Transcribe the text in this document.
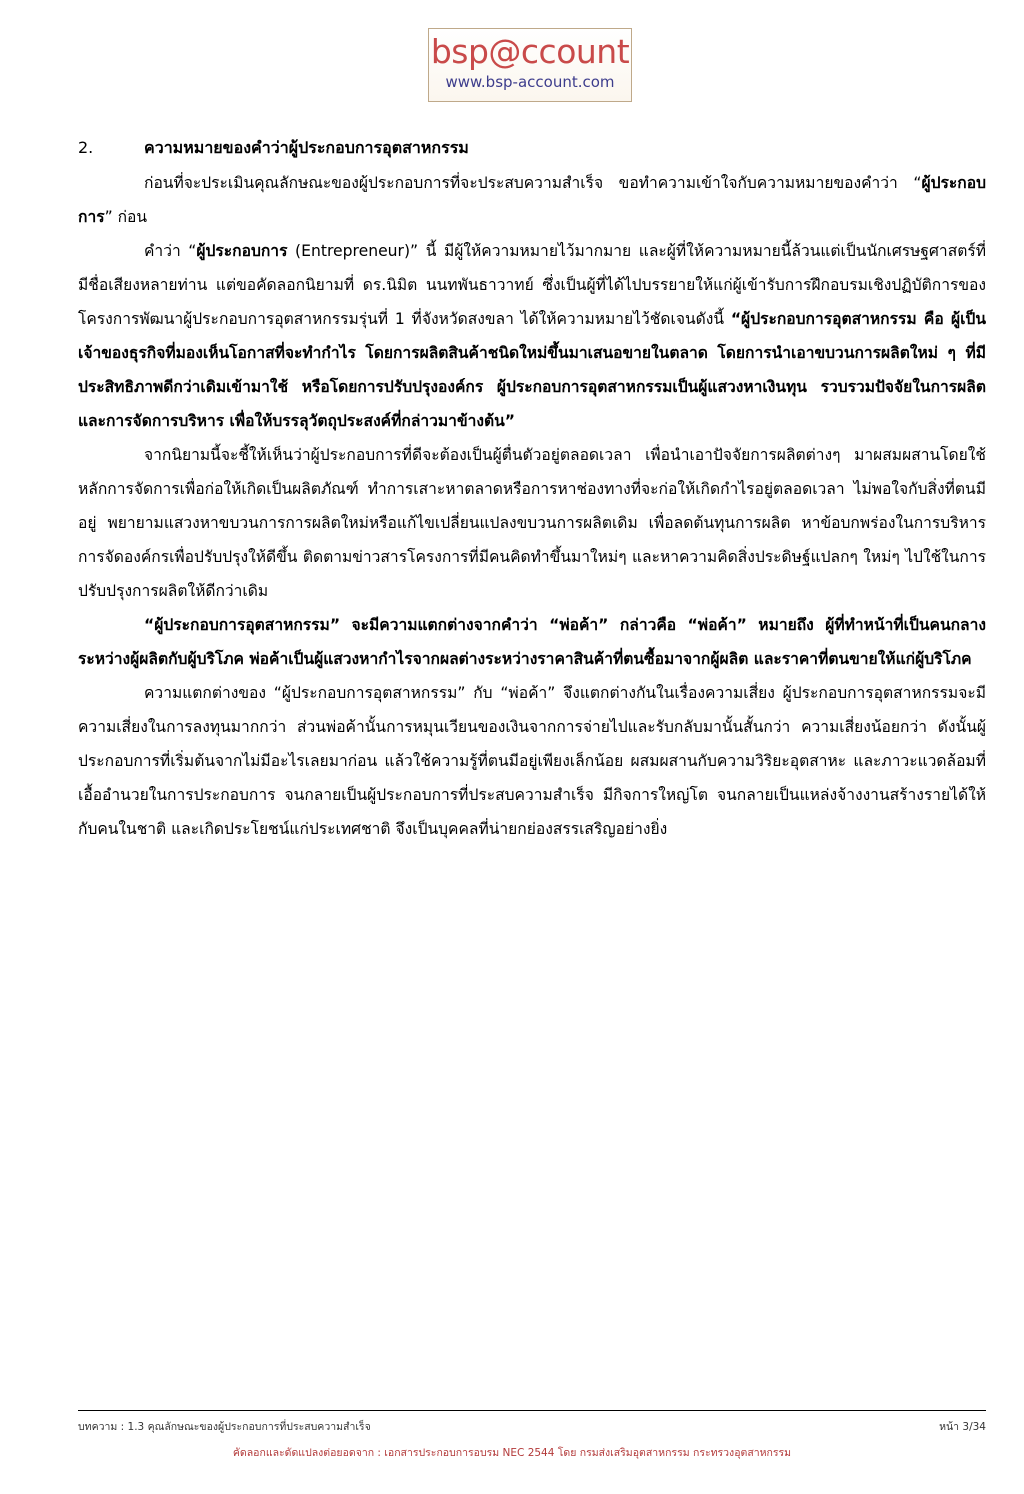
bsp@ccount
www.bsp-account.com
2.	ความหมายของคำว่าผู้ประกอบการอุตสาหกรรม

ก่อนที่จะประเมินคุณลักษณะของผู้ประกอบการที่จะประสบความสำเร็จ ขอทำความเข้าใจกับความหมายของคำว่า “ผู้ประกอบการ” ก่อน

คำว่า “ผู้ประกอบการ (Entrepreneur)” นี้ มีผู้ให้ความหมายไว้มากมาย และผู้ที่ให้ความหมายนี้ล้วนแต่เป็นนักเศรษฐศาสตร์ที่มีชื่อเสียงหลายท่าน แต่ขอคัดลอกนิยามที่ ดร.นิมิต นนทพันธาวาทย์ ซึ่งเป็นผู้ที่ได้ไปบรรยายให้แก่ผู้เข้ารับการฝึกอบรมเชิงปฏิบัติการของโครงการพัฒนาผู้ประกอบการอุตสาหกรรมรุ่นที่ 1 ที่จังหวัดสงขลา ได้ให้ความหมายไว้ชัดเจนดังนี้ “ผู้ประกอบการอุตสาหกรรม คือ ผู้เป็นเจ้าของธุรกิจที่มองเห็นโอกาสที่จะทำกำไร โดยการผลิตสินค้าชนิดใหม่ขึ้นมาเสนอขายในตลาด โดยการนำเอาขบวนการผลิตใหม่ ๆ ที่มีประสิทธิภาพดีกว่าเดิมเข้ามาใช้ หรือโดยการปรับปรุงองค์กร ผู้ประกอบการอุตสาหกรรมเป็นผู้แสวงหาเงินทุน รวบรวมปัจจัยในการผลิต และการจัดการบริหาร เพื่อให้บรรลุวัตถุประสงค์ที่กล่าวมาข้างต้น”

จากนิยามนี้จะชี้ให้เห็นว่าผู้ประกอบการที่ดีจะต้องเป็นผู้ตื่นตัวอยู่ตลอดเวลา เพื่อนำเอาปัจจัยการผลิตต่างๆ มาผสมผสานโดยใช้หลักการจัดการเพื่อก่อให้เกิดเป็นผลิตภัณฑ์ ทำการเสาะหาตลาดหรือการหาช่องทางที่จะก่อให้เกิดกำไรอยู่ตลอดเวลา ไม่พอใจกับสิ่งที่ตนมีอยู่ พยายามแสวงหาขบวนการการผลิตใหม่หรือแก้ไขเปลี่ยนแปลงขบวนการผลิตเดิม เพื่อลดต้นทุนการผลิต หาข้อบกพร่องในการบริหาร การจัดองค์กรเพื่อปรับปรุงให้ดีขึ้น ติดตามข่าวสารโครงการที่มีคนคิดทำขึ้นมาใหม่ๆ และหาความคิดสิ่งประดิษฐ์แปลกๆ ใหม่ๆ ไปใช้ในการปรับปรุงการผลิตให้ดีกว่าเดิม

“ผู้ประกอบการอุตสาหกรรม” จะมีความแตกต่างจากคำว่า “พ่อค้า” กล่าวคือ “พ่อค้า” หมายถึง ผู้ที่ทำหน้าที่เป็นคนกลางระหว่างผู้ผลิตกับผู้บริโภค พ่อค้าเป็นผู้แสวงหากำไรจากผลต่างระหว่างราคาสินค้าที่ตนซื้อมาจากผู้ผลิต และราคาที่ตนขายให้แก่ผู้บริโภค

ความแตกต่างของ “ผู้ประกอบการอุตสาหกรรม” กับ “พ่อค้า” จึงแตกต่างกันในเรื่องความเสี่ยง ผู้ประกอบการอุตสาหกรรมจะมีความเสี่ยงในการลงทุนมากกว่า ส่วนพ่อค้านั้นการหมุนเวียนของเงินจากการจ่ายไปและรับกลับมานั้นสั้นกว่า ความเสี่ยงน้อยกว่า ดังนั้นผู้ประกอบการที่เริ่มต้นจากไม่มีอะไรเลยมาก่อน แล้วใช้ความรู้ที่ตนมีอยู่เพียงเล็กน้อย ผสมผสานกับความวิริยะอุตสาหะ และภาวะแวดล้อมที่เอื้ออำนวยในการประกอบการ จนกลายเป็นผู้ประกอบการที่ประสบความสำเร็จ มีกิจการใหญ่โต จนกลายเป็นแหล่งจ้างงานสร้างรายได้ให้กับคนในชาติ และเกิดประโยชน์แก่ประเทศชาติ จึงเป็นบุคคลที่น่ายกย่องสรรเสริญอย่างยิ่ง

บทความ : 1.3 คุณลักษณะของผู้ประกอบการที่ประสบความสำเร็จ	หน้า 3/34
คัดลอกและดัดแปลงต่อยอดจาก : เอกสารประกอบการอบรม NEC 2544 โดย กรมส่งเสริมอุตสาหกรรม กระทรวงอุตสาหกรรม
